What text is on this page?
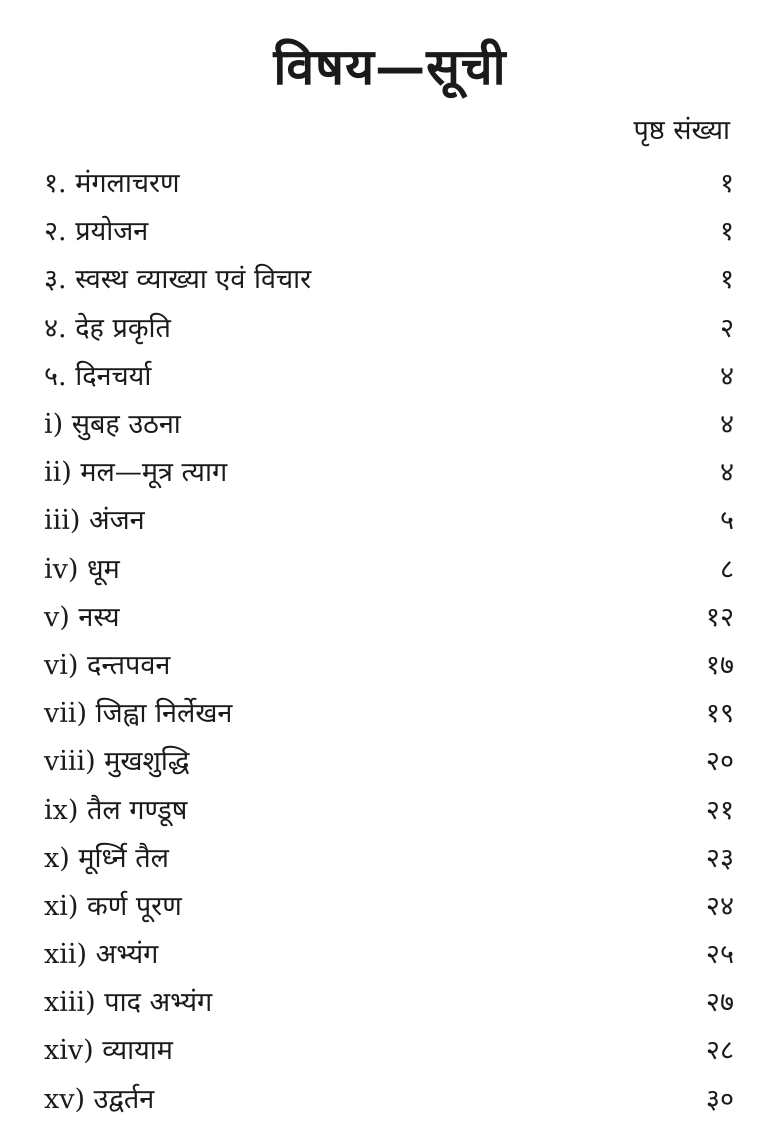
विषय—सूची
पृष्ठ संख्या
१. मंगलाचरण	१
२. प्रयोजन	१
३. स्वस्थ व्याख्या एवं विचार	१
४. देह प्रकृति	२
५. दिनचर्या	४
i) सुबह उठना	४
ii) मल—मूत्र त्याग	४
iii) अंजन	५
iv) धूम	८
v) नस्य	१२
vi) दन्तपवन	१७
vii) जिह्वा निर्लेखन	१९
viii) मुखशुद्धि	२०
ix) तैल गण्डूष	२१
x) मूर्ध्नि तैल	२३
xi) कर्ण पूरण	२४
xii) अभ्यंग	२५
xiii) पाद अभ्यंग	२७
xiv) व्यायाम	२८
xv) उद्वर्तन	३०
